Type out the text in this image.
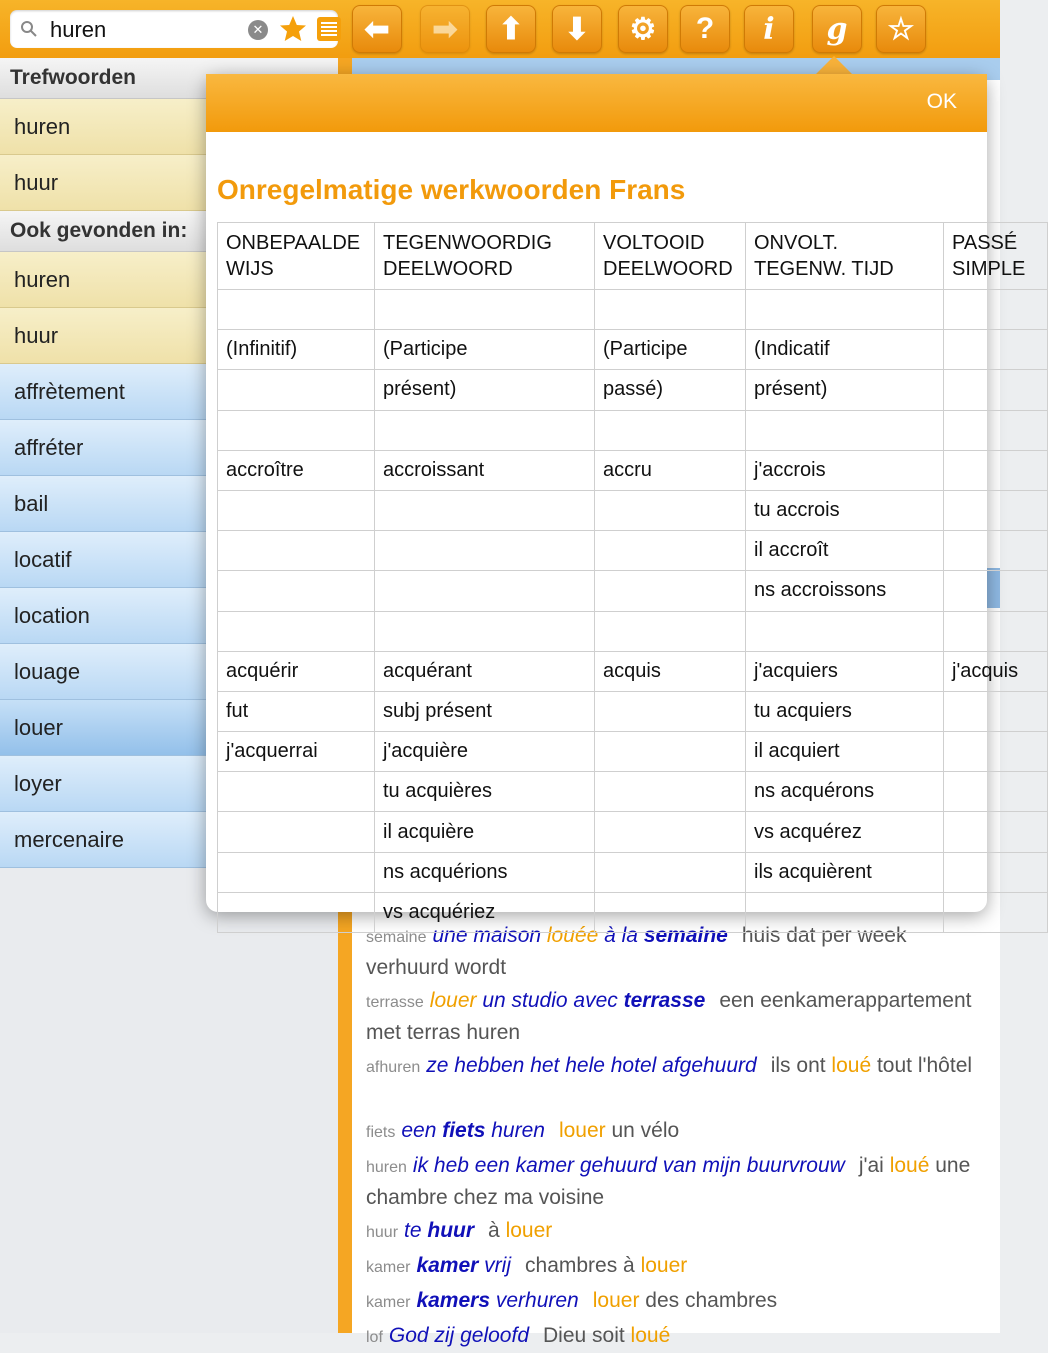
huren
✕	⬅ ➡ ⬆ ⬇ ⚙ ? i g ☆
Trefwoorden
huren
huur
Ook gevonden in:
huren
huur
affrètement
affréter
bail
locatif
location
louage
louer
loyer
mercenaire
semaine une maison louée à la semaine huis dat per week verhuurd wordt
terrasse louer un studio avec terrasse een eenkamerappartement met terras huren
afhuren ze hebben het hele hotel afgehuurd ils ont loué tout l'hôtel
fiets een fiets huren louer un vélo
huren ik heb een kamer gehuurd van mijn buurvrouw j'ai loué une chambre chez ma voisine
huur te huur à louer
kamer kamer vrij chambres à louer
kamer kamers verhuren louer des chambres
lof God zij geloofd Dieu soit loué
OK
Onregelmatige werkwoorden Frans
ONBEPAALDE WIJS	TEGENWOORDIG DEELWOORD	VOLTOOID DEELWOORD	ONVOLT. TEGENW. TIJD	PASSÉ SIMPLE

(Infinitif)	(Participe	(Participe	(Indicatif	
	présent)	passé)	présent)	

accroître	accroissant	accru	j'accrois	
			tu accrois	
			il accroît	
			ns accroissons	

acquérir	acquérant	acquis	j'acquiers	j'acquis
fut	subj présent		tu acquiers	
j'acquerrai	j'acquière		il acquiert	
	tu acquières		ns acquérons	
	il acquière		vs acquérez	
	ns acquérions		ils acquièrent	
	vs acquériez			
